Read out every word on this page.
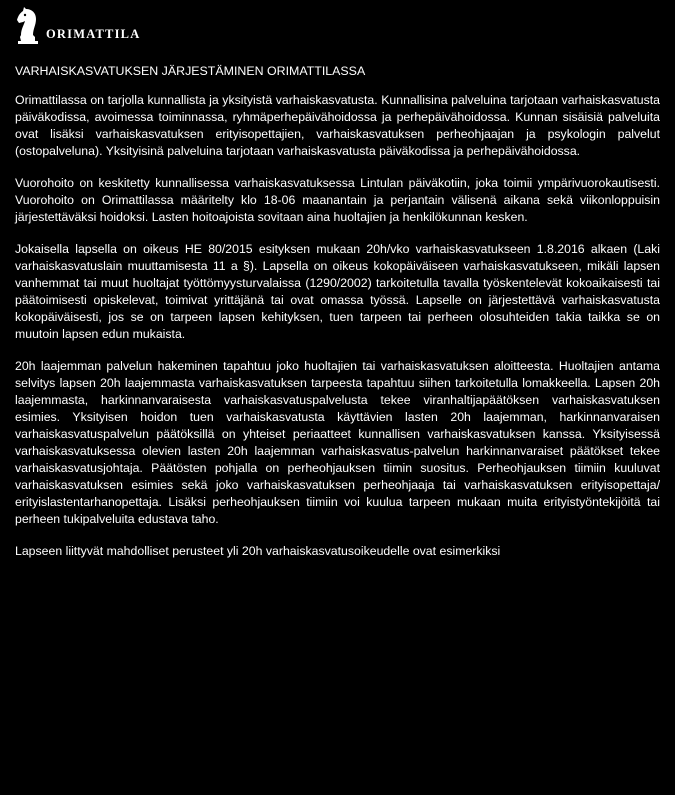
ORIMATTILA
VARHAISKASVATUKSEN JÄRJESTÄMINEN ORIMATTILASSA

Orimattilassa on tarjolla kunnallista ja yksityistä varhaiskasvatusta. Kunnallisina palveluina tarjotaan varhaiskasvatusta päiväkodissa, avoimessa toiminnassa, ryhmäperhepäivähoidossa ja perhepäivähoidossa. Kunnan sisäisiä palveluita ovat lisäksi varhaiskasvatuksen erityisopettajien, varhaiskasvatuksen perheohjaajan ja psykologin palvelut (ostopalveluna). Yksityisinä palveluina tarjotaan varhaiskasvatusta päiväkodissa ja perhepäivähoidossa.

Vuorohoito on keskitetty kunnallisessa varhaiskasvatuksessa Lintulan päiväkotiin, joka toimii ympärivuorokautisesti. Vuorohoito on Orimattilassa määritelty klo 18-06 maanantain ja perjantain välisenä aikana sekä viikonloppuisin järjestettäväksi hoidoksi. Lasten hoitoajoista sovitaan aina huoltajien ja henkilökunnan kesken.

Jokaisella lapsella on oikeus HE 80/2015 esityksen mukaan 20h/vko varhaiskasvatukseen 1.8.2016 alkaen (Laki varhaiskasvatuslain muuttamisesta 11 a §). Lapsella on oikeus kokopäiväiseen varhaiskasvatukseen, mikäli lapsen vanhemmat tai muut huoltajat työttömyysturvalaissa (1290/2002) tarkoitetulla tavalla työskentelevät kokoaikaisesti tai päätoimisesti opiskelevat, toimivat yrittäjänä tai ovat omassa työssä. Lapselle on järjestettävä varhaiskasvatusta kokopäiväisesti, jos se on tarpeen lapsen kehityksen, tuen tarpeen tai perheen olosuhteiden takia taikka se on muutoin lapsen edun mukaista.

20h laajemman palvelun hakeminen tapahtuu joko huoltajien tai varhaiskasvatuksen aloitteesta. Huoltajien antama selvitys lapsen 20h laajemmasta varhaiskasvatuksen tarpeesta tapahtuu siihen tarkoitetulla lomakkeella. Lapsen 20h laajemmasta, harkinnanvaraisesta varhaiskasvatuspalvelusta tekee viranhaltijapäätöksen varhaiskasvatuksen esimies. Yksityisen hoidon tuen varhaiskasvatusta käyttävien lasten 20h laajemman, harkinnanvaraisen varhaiskasvatuspalvelun päätöksillä on yhteiset periaatteet kunnallisen varhaiskasvatuksen kanssa. Yksityisessä varhaiskasvatuksessa olevien lasten 20h laajemman varhaiskasvatus-palvelun harkinnanvaraiset päätökset tekee varhaiskasvatusjohtaja. Päätösten pohjalla on perheohjauksen tiimin suositus. Perheohjauksen tiimiin kuuluvat varhaiskasvatuksen esimies sekä joko varhaiskasvatuksen perheohjaaja tai varhaiskasvatuksen erityisopettaja/ erityislastentarhanopettaja. Lisäksi perheohjauksen tiimiin voi kuulua tarpeen mukaan muita erityistyöntekijöitä tai perheen tukipalveluita edustava taho.

Lapseen liittyvät mahdolliset perusteet yli 20h varhaiskasvatusoikeudelle ovat esimerkiksi
